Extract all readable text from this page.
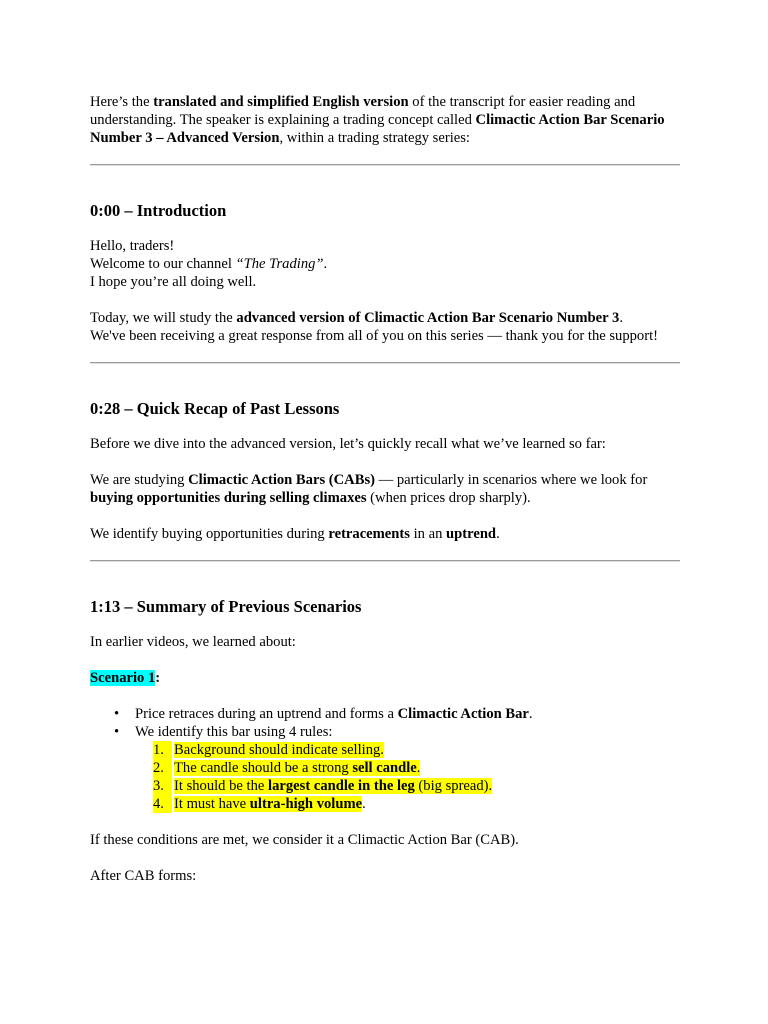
Here’s the translated and simplified English version of the transcript for easier reading and understanding. The speaker is explaining a trading concept called Climactic Action Bar Scenario Number 3 – Advanced Version, within a trading strategy series:

0:00 – Introduction

Hello, traders!

Welcome to our channel “The Trading”.

I hope you’re all doing well.

Today, we will study the advanced version of Climactic Action Bar Scenario Number 3.

We've been receiving a great response from all of you on this series — thank you for the support!

0:28 – Quick Recap of Past Lessons

Before we dive into the advanced version, let’s quickly recall what we’ve learned so far:

We are studying Climactic Action Bars (CABs) — particularly in scenarios where we look for buying opportunities during selling climaxes (when prices drop sharply).

We identify buying opportunities during retracements in an uptrend.

1:13 – Summary of Previous Scenarios

In earlier videos, we learned about:

Scenario 1:

• Price retraces during an uptrend and forms a Climactic Action Bar.
• We identify this bar using 4 rules:
1. Background should indicate selling.
2. The candle should be a strong sell candle.
3. It should be the largest candle in the leg (big spread).
4. It must have ultra-high volume.

If these conditions are met, we consider it a Climactic Action Bar (CAB).

After CAB forms:
